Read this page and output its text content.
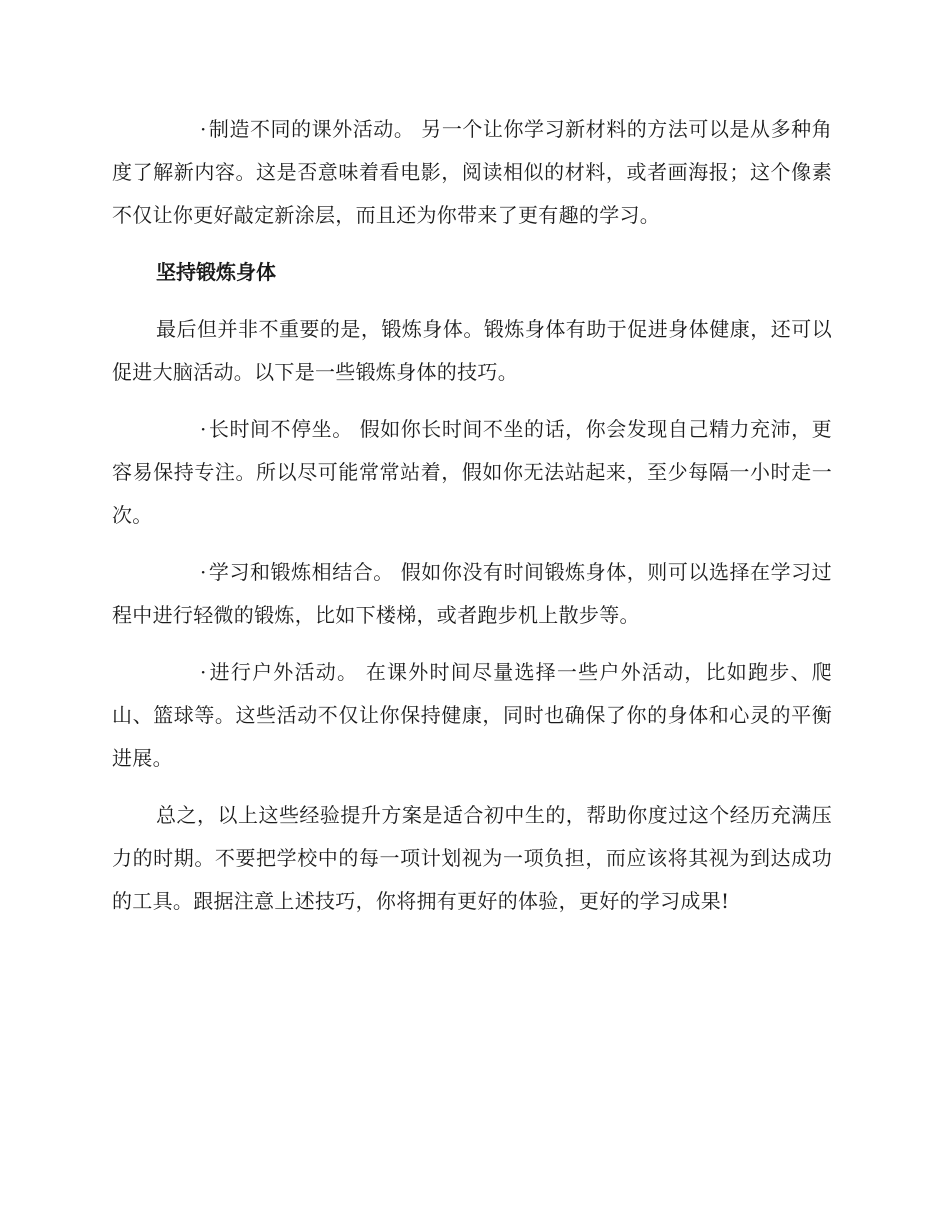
· 制造不同的课外活动。 另一个让你学习新材料的方法可以是从多种角度了解新内容。这是否意味着看电影，阅读相似的材料，或者画海报；这个像素不仅让你更好敲定新涂层，而且还为你带来了更有趣的学习。

坚持锻炼身体

最后但并非不重要的是，锻炼身体。锻炼身体有助于促进身体健康，还可以促进大脑活动。以下是一些锻炼身体的技巧。

· 长时间不停坐。 假如你长时间不坐的话，你会发现自己精力充沛，更容易保持专注。所以尽可能常常站着，假如你无法站起来，至少每隔一小时走一次。

· 学习和锻炼相结合。 假如你没有时间锻炼身体，则可以选择在学习过程中进行轻微的锻炼，比如下楼梯，或者跑步机上散步等。

· 进行户外活动。 在课外时间尽量选择一些户外活动，比如跑步、爬山、篮球等。这些活动不仅让你保持健康，同时也确保了你的身体和心灵的平衡进展。

总之，以上这些经验提升方案是适合初中生的，帮助你度过这个经历充满压力的时期。不要把学校中的每一项计划视为一项负担，而应该将其视为到达成功的工具。跟据注意上述技巧，你将拥有更好的体验，更好的学习成果!
